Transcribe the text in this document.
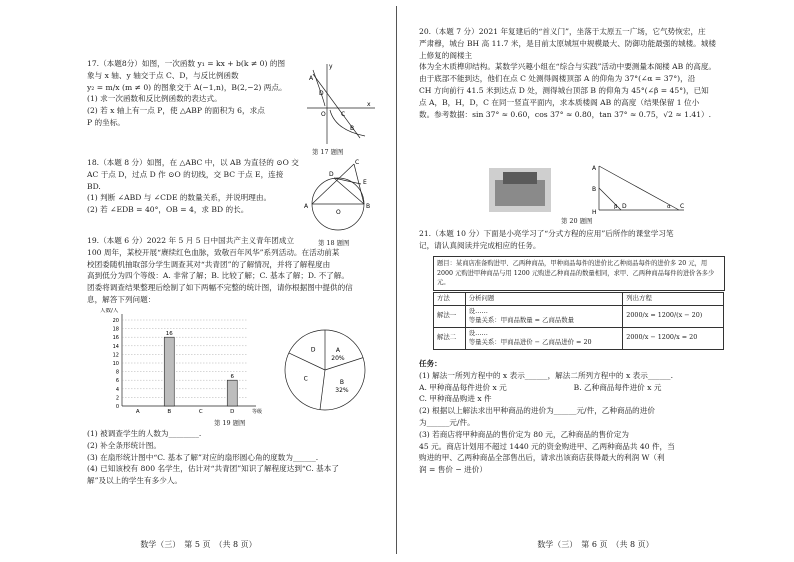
17.（本题8分）如图，一次函数 y₁ = kx + b(k ≠ 0) 的图

象与 x 轴、y 轴交于点 C、D，与反比例函数

y₂ = m/x (m ≠ 0) 的图象交于 A(−1,n)，B(2,−2) 两点。

(1) 求一次函数和反比例函数的表达式。

(2) 若 x 轴上有一点 P，使 △ABP 的面积为 6，求点

P 的坐标。

A
D
O	C
B
x
y
第 17 题图

18.（本题 8 分）如图，在 △ABC 中，以 AB 为直径的 ⊙O 交

AC 于点 D，过点 D 作 ⊙O 的切线，交 BC 于点 E，连接

BD.

(1) 判断 ∠ABD 与 ∠CDE 的数量关系，并说明理由。

(2) 若 ∠EDB = 40°，OB = 4，求 BD 的长。	A	B
C
D
E
O
第 18 题图

19.（本题 6 分）2022 年 5 月 5 日中国共产主义青年团成立

100 周年，某校开展“赓续红色血脉，致敬百年风华”系列活动。在活动前某

校团委随机抽取部分学生调查其对“共青团”的了解情况，并将了解程度由

高到低分为四个等级：A. 非常了解；B. 比较了解；C. 基本了解；D. 不了解。

团委将调查结果整理后绘制了如下两幅不完整的统计图，请你根据图中提供的信

息，解答下列问题：

0
2
4
6
8
10
12
14
16
18
20
人数/人
等级
A	B
16
C	D
6
A
20%
B
32%
C
D
第 19 题图

(1) 被调查学生的人数为________.

(2) 补全条形统计图。

(3) 在扇形统计图中“C. 基本了解”对应的扇形圆心角的度数为______.

(4) 已知该校有 800 名学生，估计对“共青团”知识了解程度达到“C. 基本了

解”及以上的学生有多少人。

数学（三）　第 5 页　（共 8 页）

20.（本题 7 分）2021 年复建后的“首义门”，坐落于太原五一广场，它气势恢宏，庄

严肃穆，城台 BH 高 11.7 米，是目前太原城垣中规模最大、防御功能最强的城楼。城楼上修复的阁楼主

体为全木质榫卯结构。某数学兴趣小组在“综合与实践”活动中要测量本阁楼 AB 的高度。

由于底部不能到达，他们在点 C 处测得阁楼顶部 A 的仰角为 37°(∠α = 37°)，沿

CH 方向前行 41.5 米到达点 D 处，测得城台顶部 B 的仰角为 45°(∠β = 45°)，已知

点 A，B，H，D，C 在同一竖直平面内，求本质楼阁 AB 的高度（结果保留 1 位小

数。参考数据：sin 37° ≈ 0.60，cos 37° ≈ 0.80，tan 37° ≈ 0.75，√2 ≈ 1.41）.

A
B
H
β D	α C
第 20 题图

21.（本题 10 分）下面是小亮学习了“分式方程的应用”后所作的课堂学习笔

记，请认真阅读并完成相应的任务。

题目：某商店准备购进甲、乙两种商品，甲种商品每件的进价比乙种商品每件的进价多 20 元，用 2000 元购进甲种商品与用 1200 元购进乙种商品的数量相同，求甲、乙两种商品每件的进价各多少元。
方法	分析问题	列出方程
解法一	设……
等量关系：甲商品数量 = 乙商品数量	2000/x = 1200/(x − 20)
解法二	设……
等量关系：甲商品进价 − 乙商品进价 = 20	2000/x − 1200/x = 20

任务：

(1) 解法一所列方程中的 x 表示______，解法二所列方程中的 x 表示______.

A. 甲种商品每件进价 x 元	B. 乙种商品每件进价 x 元

C. 甲种商品购进 x 件

(2) 根据以上解法求出甲种商品的进价为______元/件，乙种商品的进价

为______元/件。

(3) 若商店将甲种商品的售价定为 80 元，乙种商品的售价定为

45 元。商店计划用不超过 1440 元的资金购进甲、乙两种商品共 40 件，当

购进的甲、乙两种商品全部售出后，请求出该商店获得最大的利润 W（利

润 = 售价 − 进价）

数学（三）　第 6 页　（共 8 页）
